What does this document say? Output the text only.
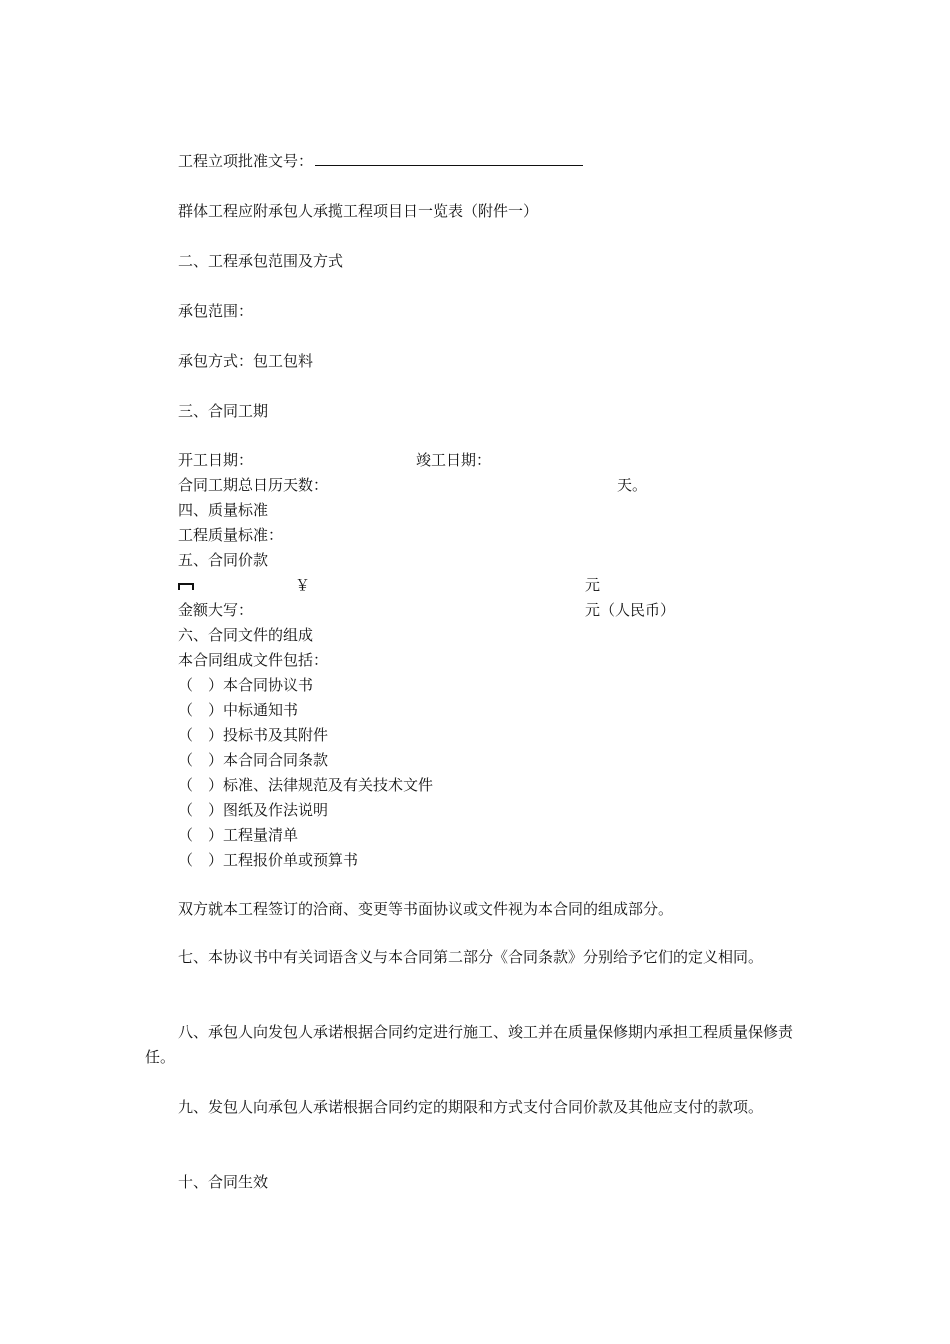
工程立项批准文号：
群体工程应附承包人承揽工程项目日一览表（附件一）
二、工程承包范围及方式
承包范围：
承包方式：包工包料
三、合同工期
开工日期：	竣工日期：
合同工期总日历天数：	天。
四、质量标准
工程质量标准：
五、合同价款
￥	元
金额大写：	元（人民币）
六、合同文件的组成
本合同组成文件包括：
（　）本合同协议书
（　）中标通知书
（　）投标书及其附件
（　）本合同合同条款
（　）标准、法律规范及有关技术文件
（　）图纸及作法说明
（　）工程量清单
（　）工程报价单或预算书
双方就本工程签订的洽商、变更等书面协议或文件视为本合同的组成部分。
七、本协议书中有关词语含义与本合同第二部分《合同条款》分别给予它们的定义相同。
八、承包人向发包人承诺根据合同约定进行施工、竣工并在质量保修期内承担工程质量保修责任。
九、发包人向承包人承诺根据合同约定的期限和方式支付合同价款及其他应支付的款项。
十、合同生效
